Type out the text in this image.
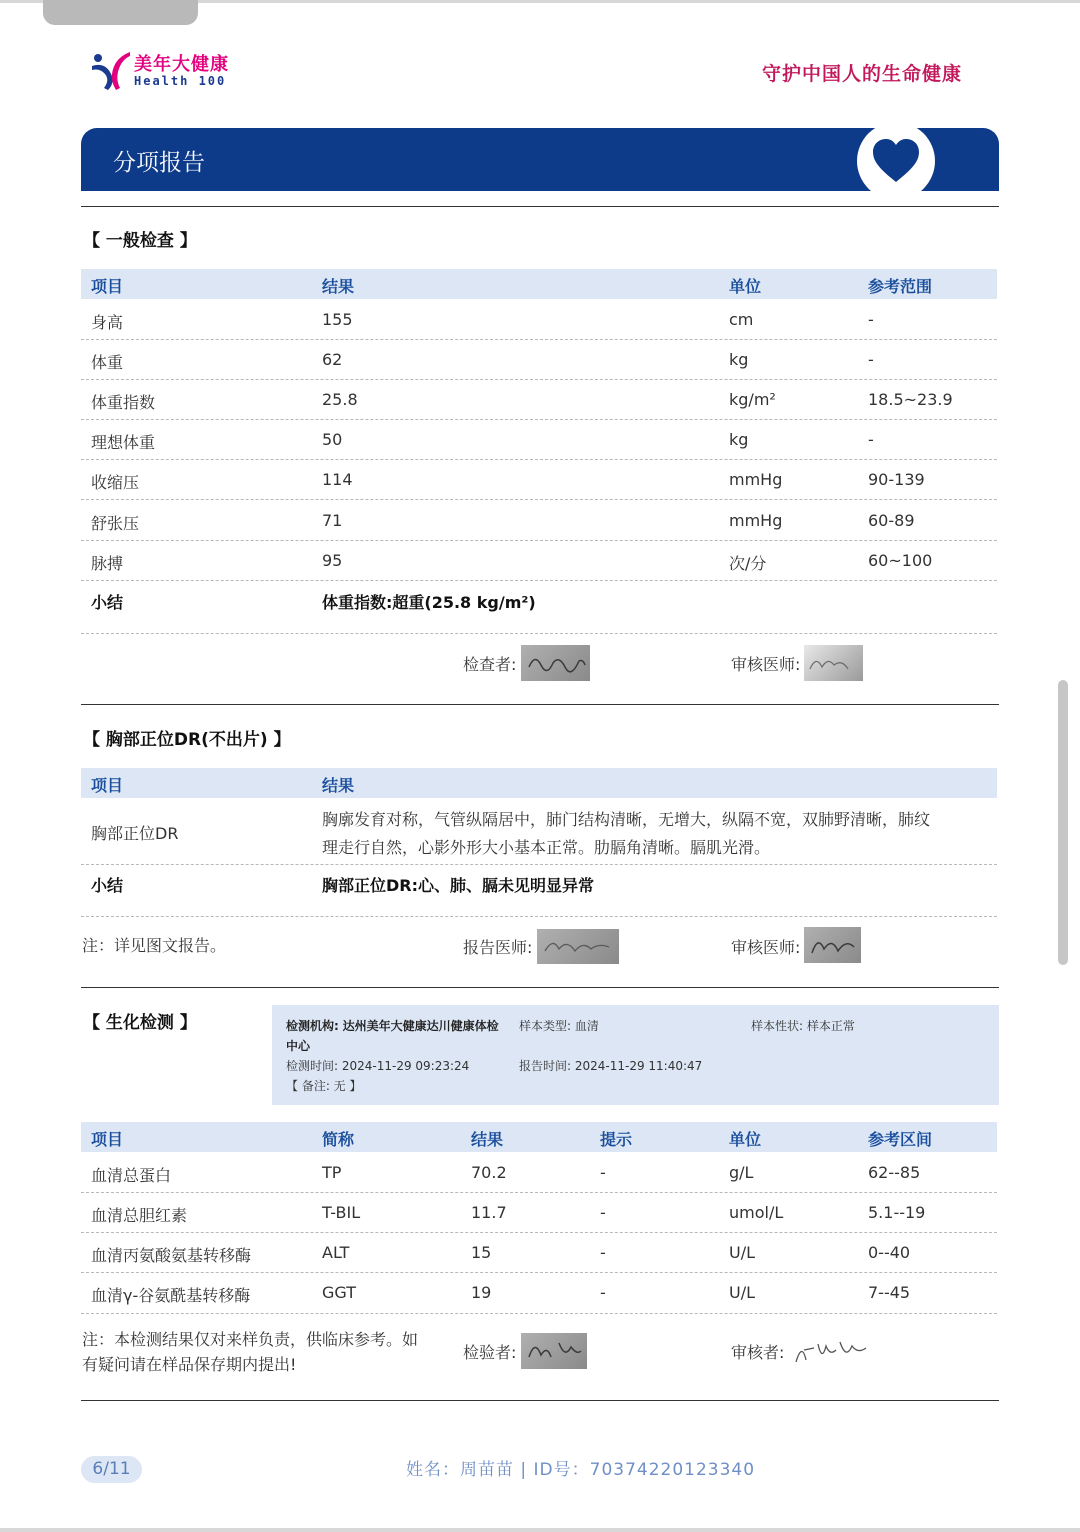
美年大健康
Health 100	守护中国人的生命健康
分项报告
【 一般检查 】
项目	结果	单位	参考范围
身高	155	cm	-
体重	62	kg	-
体重指数	25.8	kg/m²	18.5~23.9
理想体重	50	kg	-
收缩压	114	mmHg	90-139
舒张压	71	mmHg	60-89
脉搏	95	次/分	60~100
小结	体重指数:超重(25.8 kg/m²)
检查者:	审核医师:
【 胸部正位DR(不出片) 】
项目	结果
胸部正位DR
胸廓发育对称，气管纵隔居中，肺门结构清晰，无增大，纵隔不宽，双肺野清晰，肺纹
理走行自然，心影外形大小基本正常。肋膈角清晰。膈肌光滑。
小结	胸部正位DR:心、肺、膈未见明显异常
注：详见图文报告。	报告医师:	审核医师:
【 生化检测 】	检测机构: 达州美年大健康达川健康体检
中心
样本类型: 血清	样本性状: 样本正常
检测时间: 2024-11-29 09:23:24	报告时间: 2024-11-29 11:40:47
【 备注: 无 】
项目	简称	结果	提示	单位	参考区间
血清总蛋白	TP	70.2	-	g/L	62--85
血清总胆红素	T-BIL	11.7	-	umol/L	5.1--19
血清丙氨酸氨基转移酶	ALT	15	-	U/L	0--40
血清γ-谷氨酰基转移酶	GGT	19	-	U/L	7--45
注：本检测结果仅对来样负责，供临床参考。如
有疑问请在样品保存期内提出!
检验者:	审核者:
6/11	姓名：周苗苗 | ID号：70374220123340
